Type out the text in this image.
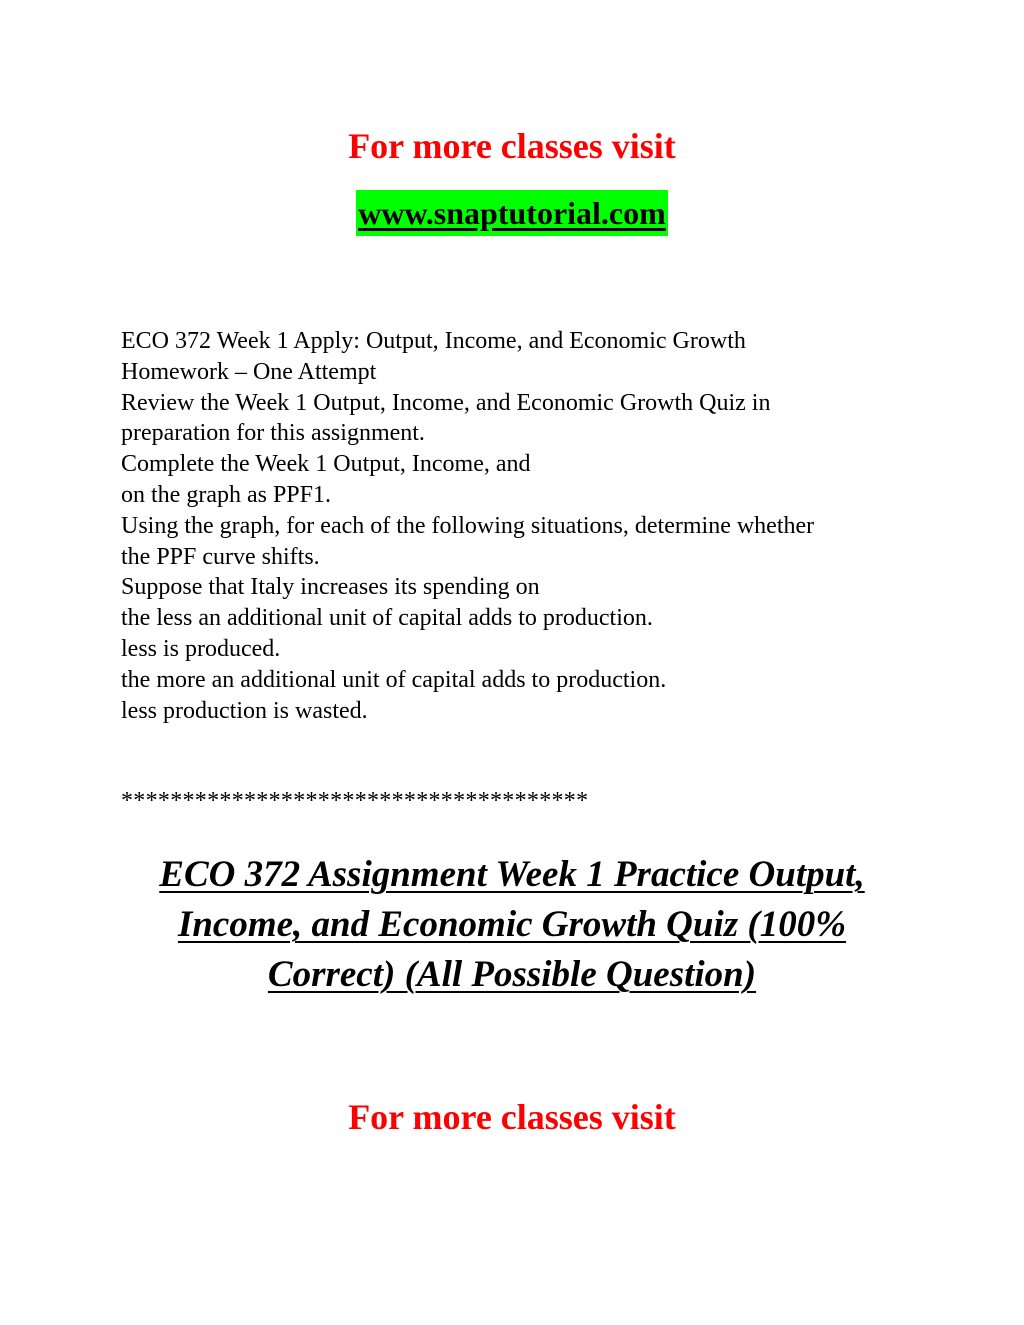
For more classes visit
www.snaptutorial.com
ECO 372 Week 1 Apply: Output, Income, and Economic Growth
Homework – One Attempt
Review the Week 1 Output, Income, and Economic Growth Quiz in
preparation for this assignment.
Complete the Week 1 Output, Income, and
on the graph as PPF1.
Using the graph, for each of the following situations, determine whether
the PPF curve shifts.
Suppose that Italy increases its spending on
the less an additional unit of capital adds to production.
less is produced.
the more an additional unit of capital adds to production.
less production is wasted.
**************************************
ECO 372 Assignment Week 1 Practice Output,
Income, and Economic Growth Quiz (100%
Correct) (All Possible Question)
For more classes visit
